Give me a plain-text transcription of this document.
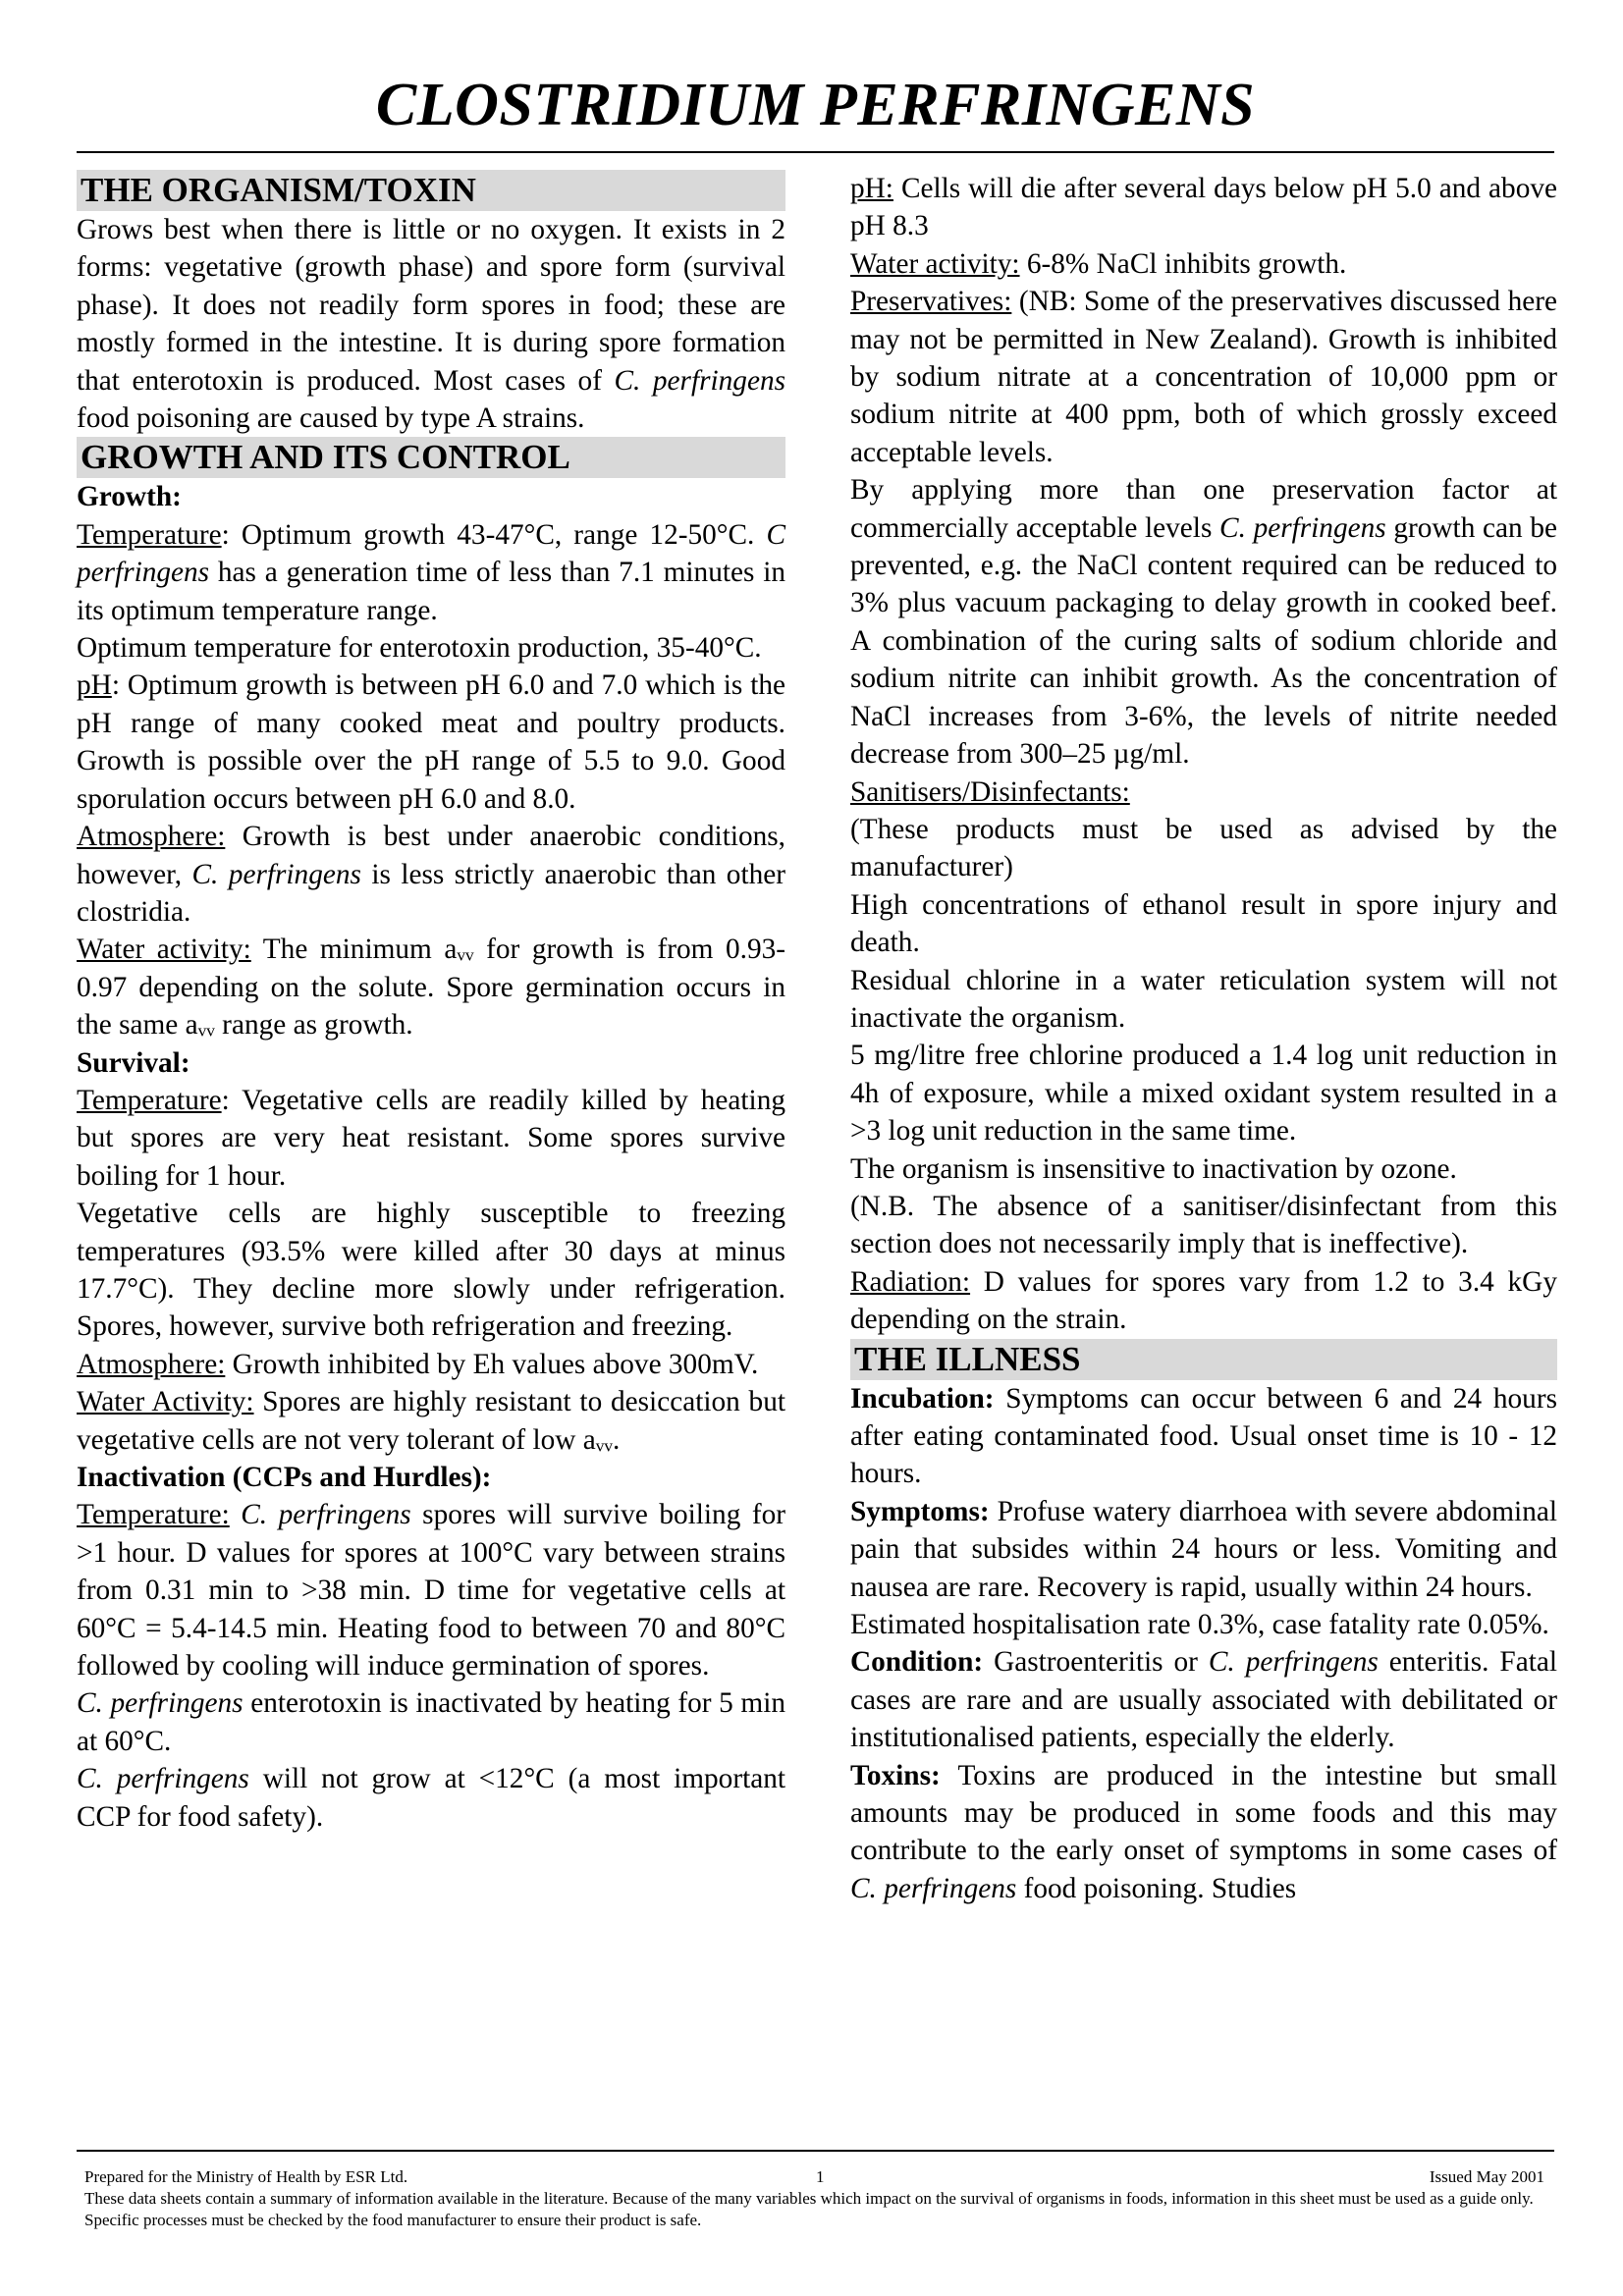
CLOSTRIDIUM PERFRINGENS
THE ORGANISM/TOXIN

Grows best when there is little or no oxygen. It exists in 2 forms: vegetative (growth phase) and spore form (survival phase). It does not readily form spores in food; these are mostly formed in the intestine. It is during spore formation that enterotoxin is produced. Most cases of C. perfringens food poisoning are caused by type A strains.

GROWTH AND ITS CONTROL

Growth:

Temperature: Optimum growth 43-47°C, range 12-50°C. C perfringens has a generation time of less than 7.1 minutes in its optimum temperature range.

Optimum temperature for enterotoxin production, 35-40°C.

pH: Optimum growth is between pH 6.0 and 7.0 which is the pH range of many cooked meat and poultry products. Growth is possible over the pH range of 5.5 to 9.0. Good sporulation occurs between pH 6.0 and 8.0.

Atmosphere: Growth is best under anaerobic conditions, however, C. perfringens is less strictly anaerobic than other clostridia.

Water activity: The minimum aᵥᵥ for growth is from 0.93-0.97 depending on the solute. Spore germination occurs in the same aᵥᵥ range as growth.

Survival:

Temperature: Vegetative cells are readily killed by heating but spores are very heat resistant. Some spores survive boiling for 1 hour.

Vegetative cells are highly susceptible to freezing temperatures (93.5% were killed after 30 days at minus 17.7°C). They decline more slowly under refrigeration. Spores, however, survive both refrigeration and freezing.

Atmosphere: Growth inhibited by Eh values above 300mV.

Water Activity: Spores are highly resistant to desiccation but vegetative cells are not very tolerant of low aᵥᵥ.

Inactivation (CCPs and Hurdles):

Temperature: C. perfringens spores will survive boiling for >1 hour. D values for spores at 100°C vary between strains from 0.31 min to >38 min. D time for vegetative cells at 60°C = 5.4-14.5 min. Heating food to between 70 and 80°C followed by cooling will induce germination of spores.

C. perfringens enterotoxin is inactivated by heating for 5 min at 60°C.

C. perfringens will not grow at <12°C (a most important CCP for food safety).

pH: Cells will die after several days below pH 5.0 and above pH 8.3

Water activity: 6-8% NaCl inhibits growth.

Preservatives: (NB: Some of the preservatives discussed here may not be permitted in New Zealand). Growth is inhibited by sodium nitrate at a concentration of 10,000 ppm or sodium nitrite at 400 ppm, both of which grossly exceed acceptable levels.

By applying more than one preservation factor at commercially acceptable levels C. perfringens growth can be prevented, e.g. the NaCl content required can be reduced to 3% plus vacuum packaging to delay growth in cooked beef. A combination of the curing salts of sodium chloride and sodium nitrite can inhibit growth. As the concentration of NaCl increases from 3-6%, the levels of nitrite needed decrease from 300–25 µg/ml.

Sanitisers/Disinfectants:

(These products must be used as advised by the manufacturer)

High concentrations of ethanol result in spore injury and death.

Residual chlorine in a water reticulation system will not inactivate the organism.

5 mg/litre free chlorine produced a 1.4 log unit reduction in 4h of exposure, while a mixed oxidant system resulted in a >3 log unit reduction in the same time.

The organism is insensitive to inactivation by ozone.

(N.B. The absence of a sanitiser/disinfectant from this section does not necessarily imply that is ineffective).

Radiation: D values for spores vary from 1.2 to 3.4 kGy depending on the strain.

THE ILLNESS

Incubation: Symptoms can occur between 6 and 24 hours after eating contaminated food. Usual onset time is 10 - 12 hours.

Symptoms: Profuse watery diarrhoea with severe abdominal pain that subsides within 24 hours or less. Vomiting and nausea are rare. Recovery is rapid, usually within 24 hours.

Estimated hospitalisation rate 0.3%, case fatality rate 0.05%.

Condition: Gastroenteritis or C. perfringens enteritis. Fatal cases are rare and are usually associated with debilitated or institutionalised patients, especially the elderly.

Toxins: Toxins are produced in the intestine but small amounts may be produced in some foods and this may contribute to the early onset of symptoms in some cases of C. perfringens food poisoning. Studies

Prepared for the Ministry of Health by ESR Ltd.	1	Issued May 2001
These data sheets contain a summary of information available in the literature. Because of the many variables which impact on the survival of organisms in foods, information in this sheet must be used as a guide only. Specific processes must be checked by the food manufacturer to ensure their product is safe.
